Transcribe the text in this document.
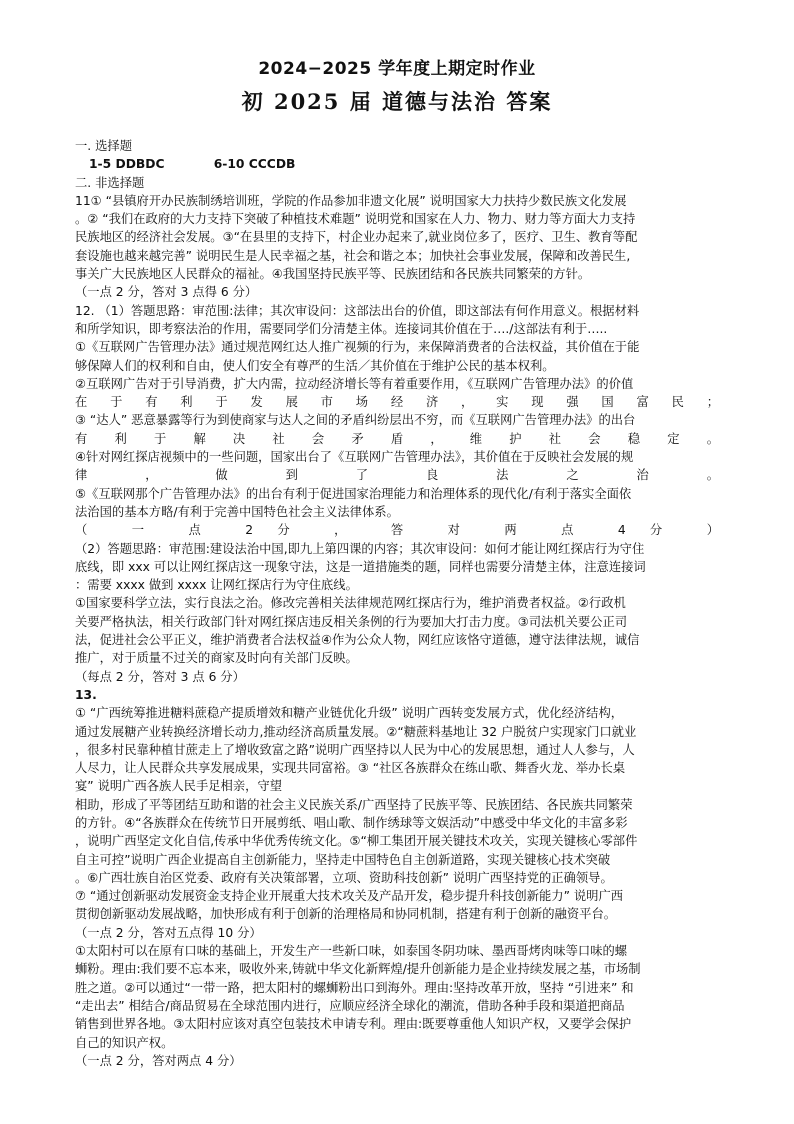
2024−2025 学年度上期定时作业
初 2025 届 道德与法治 答案

一. 选择题

1-5 DDBDC　　　　6-10 CCCDB

二. 非选择题

11① “县镇府开办民族制绣培训班，学院的作品参加非遗文化展” 说明国家大力扶持少数民族文化发展

。② “我们在政府的大力支持下突破了种植技术难题” 说明党和国家在人力、物力、财力等方面大力支持

民族地区的经济社会发展。③“在县里的支持下，村企业办起来了,就业岗位多了，医疗、卫生、教育等配

套设施也越来越完善” 说明民生是人民幸福之基，社会和谐之本；加快社会事业发展，保障和改善民生,

事关广大民族地区人民群众的福祉。④我国坚持民族平等、民族团结和各民族共同繁荣的方针。

（一点 2 分，答对 3 点得 6 分）

12. （1）答题思路：审范围:法律；其次审设问：这部法出台的价值，即这部法有何作用意义。根据材料

和所学知识，即考察法治的作用，需要同学们分清楚主体。连接词其价值在于…./这部法有利于…..

①《互联网广告管理办法》通过规范网红达人推广视频的行为，来保障消费者的合法权益，其价值在于能

够保障人们的权利和自由，使人们安全有尊严的生活／其价值在于维护公民的基本权利。

②互联网广告对于引导消费，扩大内需，拉动经济增长等有着重要作用，《互联网广告管理办法》的价值

在 于 有 利 于 发 展 市 场 经 济 ， 实 现 强 国 富 民 ；

③ “达人” 恶意暴露等行为到使商家与达人之间的矛盾纠纷层出不穷，而《互联网广告管理办法》的出台

有 利 于 解 决 社 会 矛 盾 ， 维 护 社 会 稳 定 。

④针对网红探店视频中的一些问题，国家出台了《互联网广告管理办法》，其价值在于反映社会发展的规

律 ， 做 到 了 良 法 之 治 。

⑤《互联网那个广告管理办法》的出台有利于促进国家治理能力和治理体系的现代化/有利于落实全面依

法治国的基本方略/有利于完善中国特色社会主义法律体系。

（ 一 点 2 分 ， 答 对 两 点 4 分 ）

（2）答题思路：审范围:建设法治中国,即九上第四课的内容；其次审设问：如何才能让网红探店行为守住

底线，即 xxx 可以让网红探店这一现象守法，这是一道措施类的题，同样也需要分清楚主体，注意连接词

：需要 xxxx 做到 xxxx 让网红探店行为守住底线。

①国家要科学立法，实行良法之治。修改完善相关法律规范网红探店行为，维护消费者权益。②行政机

关要严格执法，相关行政部门针对网红探店违反相关条例的行为要加大打击力度。③司法机关要公正司

法，促进社会公平正义，维护消费者合法权益④作为公众人物，网红应该恪守道德，遵守法律法规，诚信

推广，对于质量不过关的商家及时向有关部门反映。

（每点 2 分，答对 3 点 6 分）

13.

① “广西统筹推进糖料蔗稳产提质增效和糖产业链优化升级” 说明广西转变发展方式，优化经济结构，

通过发展糖产业转换经济增长动力,推动经济高质量发展。②“糖蔗料基地让 32 户脱贫户实现家门口就业

，很多村民靠种植甘蔗走上了增收致富之路”说明广西坚持以人民为中心的发展思想，通过人人参与，人

人尽力，让人民群众共享发展成果，实现共同富裕。③ “社区各族群众在练山歌、舞香火龙、举办长桌

宴” 说明广西各族人民手足相亲，守望

相助，形成了平等团结互助和谐的社会主义民族关系/广西坚持了民族平等、民族团结、各民族共同繁荣

的方针。④“各族群众在传统节日开展剪纸、唱山歌、制作绣球等文娱活动”中感受中华文化的丰富多彩

，说明广西坚定文化自信,传承中华优秀传统文化。⑤“柳工集团开展关键技术攻关，实现关键核心零部件

自主可控”说明广西企业提高自主创新能力，坚持走中国特色自主创新道路，实现关键核心技术突破

。⑥广西壮族自治区党委、政府有关决策部署，立项、资助科技创新” 说明广西坚持党的正确领导。

⑦ “通过创新驱动发展资金支持企业开展重大技术攻关及产品开发，稳步提升科技创新能力” 说明广西

贯彻创新驱动发展战略，加快形成有利于创新的治理格局和协同机制，搭建有利于创新的融资平台。

（一点 2 分，答对五点得 10 分）

①太阳村可以在原有口味的基础上，开发生产一些新口味，如泰国冬阴功味、墨西哥烤肉味等口味的螺

蛳粉。理由:我们要不忘本来，吸收外来,铸就中华文化新辉煌/提升创新能力是企业持续发展之基，市场制

胜之道。②可以通过“一带一路，把太阳村的螺蛳粉出口到海外。理由:坚持改革开放，坚持 “引进来” 和

“走出去” 相结合/商品贸易在全球范围内进行，应顺应经济全球化的潮流，借助各种手段和渠道把商品

销售到世界各地。③太阳村应该对真空包装技术申请专利。理由:既要尊重他人知识产权，又要学会保护

自己的知识产权。

（一点 2 分，答对两点 4 分）
